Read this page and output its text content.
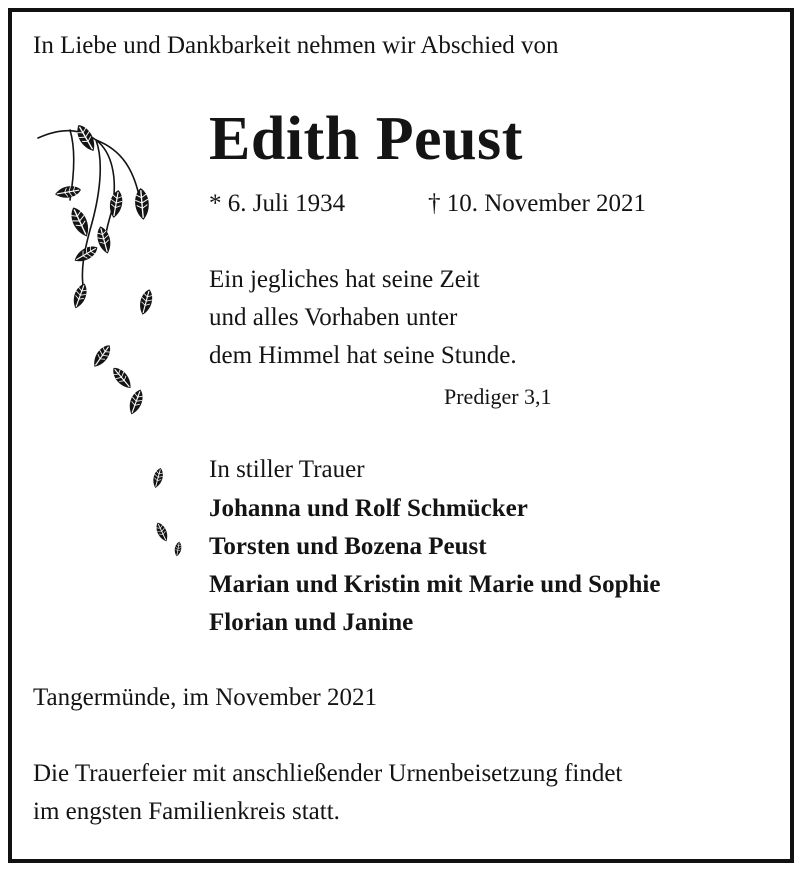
In Liebe und Dankbarkeit nehmen wir Abschied von
Edith Peust
* 6. Juli 1934	† 10. November 2021
Ein jegliches hat seine Zeit
und alles Vorhaben unter
dem Himmel hat seine Stunde.
Prediger 3,1
In stiller Trauer
Johanna und Rolf Schmücker
Torsten und Bozena Peust
Marian und Kristin mit Marie und Sophie
Florian und Janine
Tangermünde, im November 2021
Die Trauerfeier mit anschließender Urnenbeisetzung findet
im engsten Familienkreis statt.
